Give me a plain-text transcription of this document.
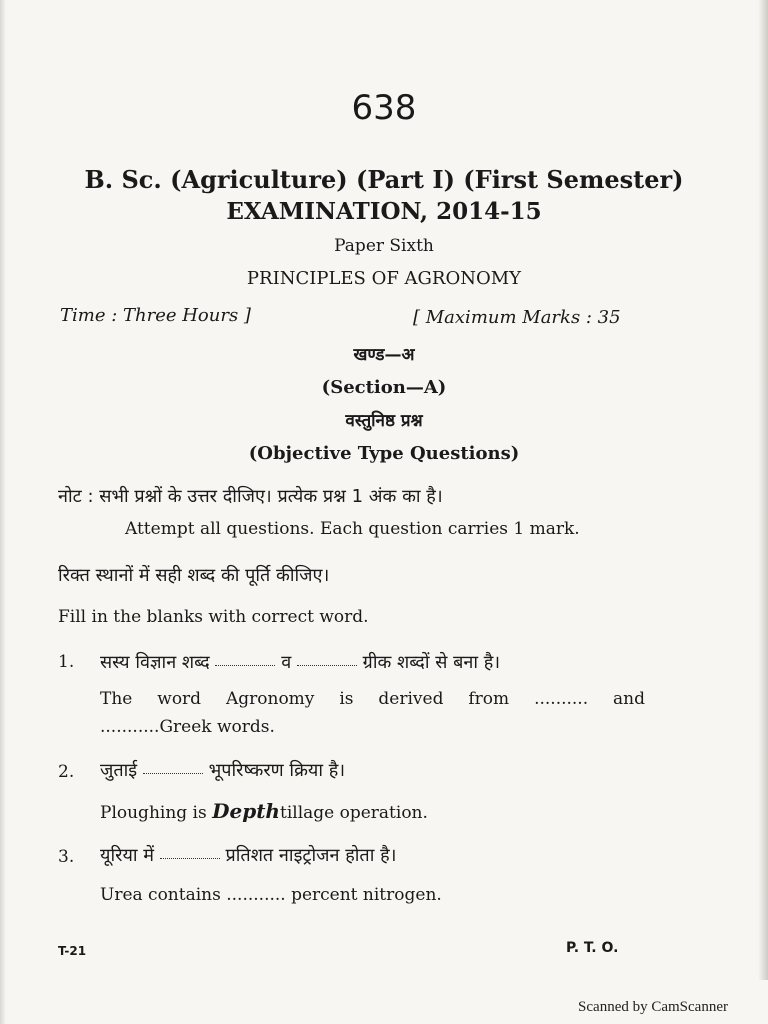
638
B. Sc. (Agriculture) (Part I) (First Semester)
EXAMINATION, 2014-15
Paper Sixth
PRINCIPLES OF AGRONOMY
Time : Three Hours ]	[ Maximum Marks : 35
खण्ड—अ
(Section—A)
वस्तुनिष्ठ प्रश्न
(Objective Type Questions)
नोट : सभी प्रश्नों के उत्तर दीजिए। प्रत्येक प्रश्न 1 अंक का है।
Attempt all questions. Each question carries 1 mark.
रिक्त स्थानों में सही शब्द की पूर्ति कीजिए।
Fill in the blanks with correct word.
1. सस्य विज्ञान शब्द	व	ग्रीक शब्दों से बना है।
The word Agronomy is derived from .......... and
...........Greek words.
2. जुताई	भूपरिष्करण क्रिया है।
Ploughing is Depthtillage operation.
3. यूरिया में	प्रतिशत नाइट्रोजन होता है।
Urea contains ........... percent nitrogen.
T-21	P. T. O.
Scanned by CamScanner
